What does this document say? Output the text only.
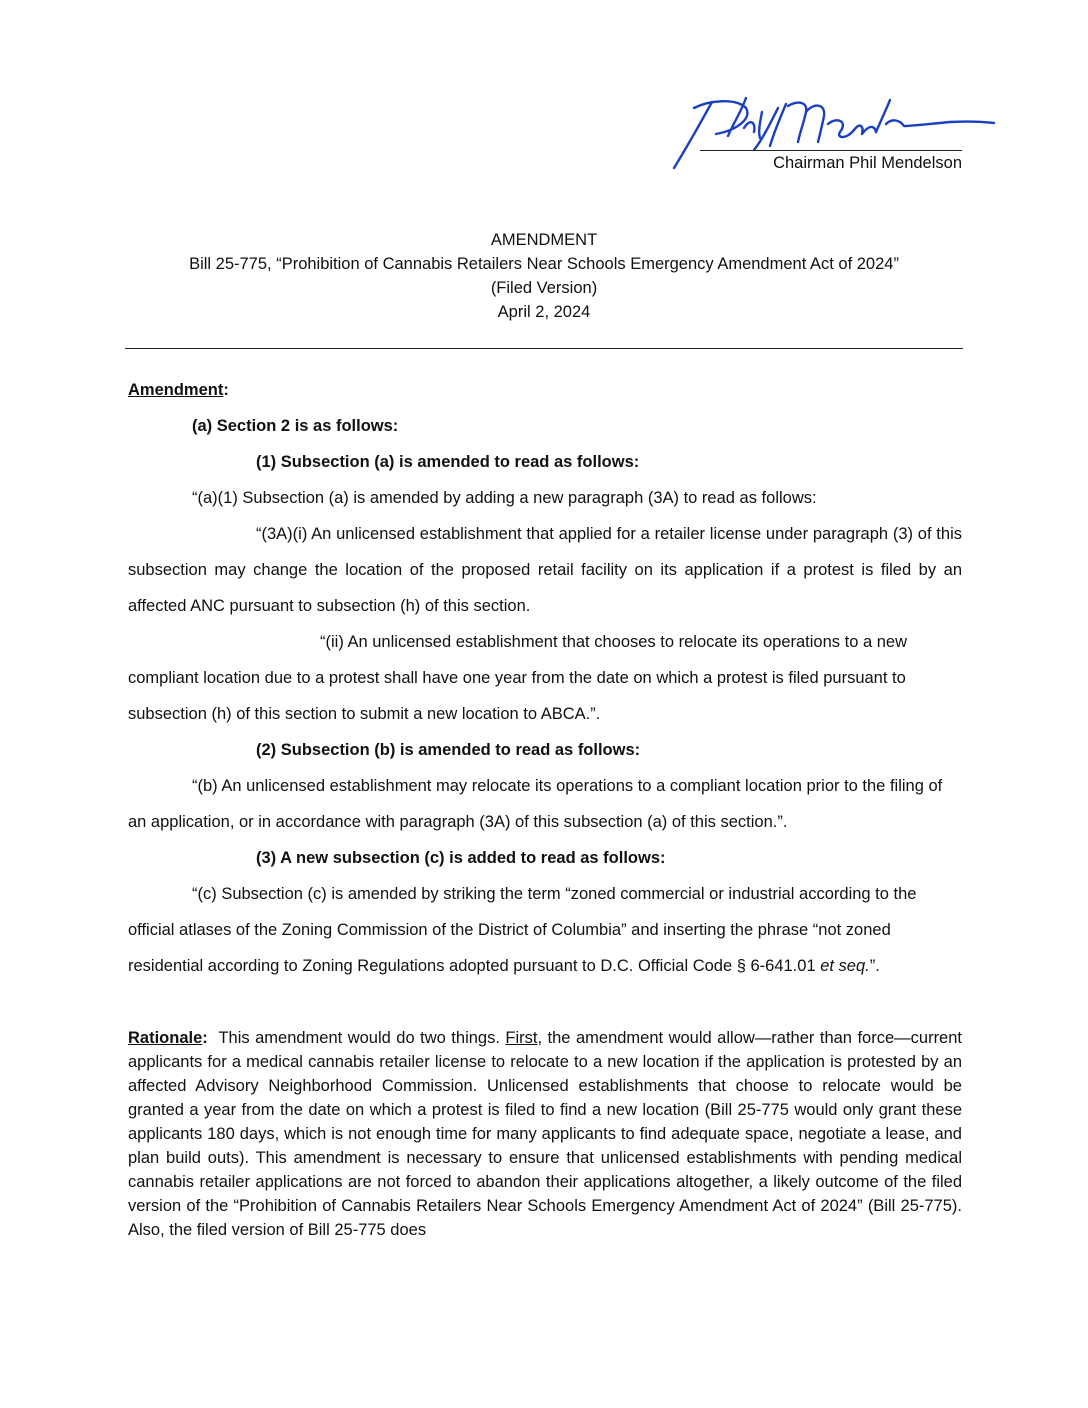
Chairman Phil Mendelson
AMENDMENT
Bill 25-775, “Prohibition of Cannabis Retailers Near Schools Emergency Amendment Act of 2024”
(Filed Version)
April 2, 2024

Amendment:

(a) Section 2 is as follows:

(1) Subsection (a) is amended to read as follows:

“(a)(1) Subsection (a) is amended by adding a new paragraph (3A) to read as follows:

“(3A)(i) An unlicensed establishment that applied for a retailer license under paragraph (3) of this subsection may change the location of the proposed retail facility on its application if a protest is filed by an affected ANC pursuant to subsection (h) of this section.

“(ii) An unlicensed establishment that chooses to relocate its operations to a new compliant location due to a protest shall have one year from the date on which a protest is filed pursuant to subsection (h) of this section to submit a new location to ABCA.”.

(2) Subsection (b) is amended to read as follows:

“(b) An unlicensed establishment may relocate its operations to a compliant location prior to the filing of an application, or in accordance with paragraph (3A) of this subsection (a) of this section.”.

(3) A new subsection (c) is added to read as follows:

“(c) Subsection (c) is amended by striking the term “zoned commercial or industrial according to the official atlases of the Zoning Commission of the District of Columbia” and inserting the phrase “not zoned residential according to Zoning Regulations adopted pursuant to D.C. Official Code § 6-641.01 et seq.”.

Rationale:  This amendment would do two things. First, the amendment would allow—rather than force—current applicants for a medical cannabis retailer license to relocate to a new location if the application is protested by an affected Advisory Neighborhood Commission. Unlicensed establishments that choose to relocate would be granted a year from the date on which a protest is filed to find a new location (Bill 25-775 would only grant these applicants 180 days, which is not enough time for many applicants to find adequate space, negotiate a lease, and plan build outs). This amendment is necessary to ensure that unlicensed establishments with pending medical cannabis retailer applications are not forced to abandon their applications altogether, a likely outcome of the filed version of the “Prohibition of Cannabis Retailers Near Schools Emergency Amendment Act of 2024” (Bill 25-775). Also, the filed version of Bill 25-775 does
